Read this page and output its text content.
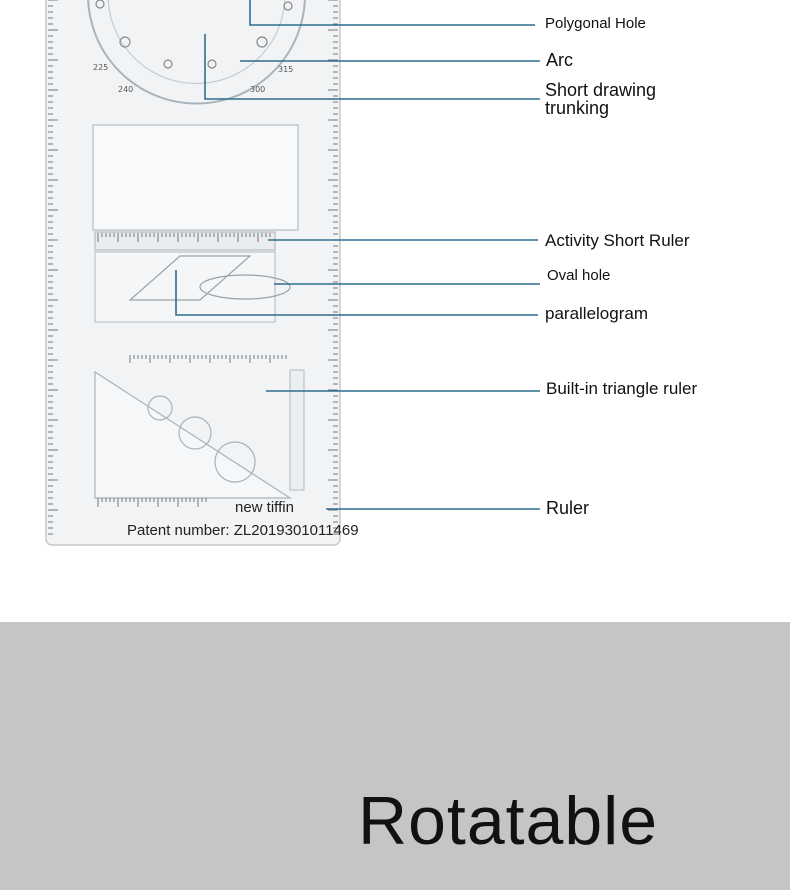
225
240	300
315
Polygonal Hole
Arc
Short drawing
trunking
Activity Short Ruler
Oval hole
parallelogram
Built-in triangle ruler
Ruler
new tiffin
Patent number: ZL2019301011469
Rotatable
